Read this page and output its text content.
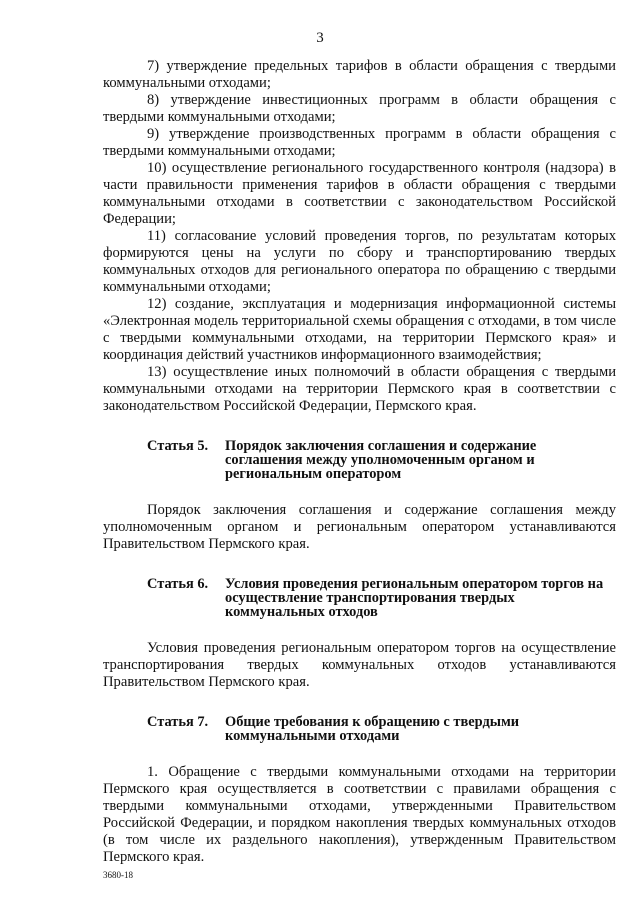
3

7) утверждение предельных тарифов в области обращения с твердыми коммунальными отходами;

8) утверждение инвестиционных программ в области обращения с твердыми коммунальными отходами;

9) утверждение производственных программ в области обращения с твердыми коммунальными отходами;

10) осуществление регионального государственного контроля (надзора) в части правильности применения тарифов в области обращения с твердыми коммунальными отходами в соответствии с законодательством Российской Федерации;

11) согласование условий проведения торгов, по результатам которых формируются цены на услуги по сбору и транспортированию твердых коммунальных отходов для регионального оператора по обращению с твердыми коммунальными отходами;

12) создание, эксплуатация и модернизация информационной системы «Электронная модель территориальной схемы обращения с отходами, в том числе с твердыми коммунальными отходами, на территории Пермского края» и координация действий участников информационного взаимодействия;

13) осуществление иных полномочий в области обращения с твердыми коммунальными отходами на территории Пермского края в соответствии с законодательством Российской Федерации, Пермского края.

Статья 5.	Порядок заключения соглашения и содержание соглашения между уполномоченным органом и региональным оператором

Порядок заключения соглашения и содержание соглашения между уполномоченным органом и региональным оператором устанавливаются Правительством Пермского края.

Статья 6.	Условия проведения региональным оператором торгов на осуществление транспортирования твердых коммунальных отходов

Условия проведения региональным оператором торгов на осуществление транспортирования твердых коммунальных отходов устанавливаются Правительством Пермского края.

Статья 7.	Общие требования к обращению с твердыми коммунальными отходами

1. Обращение с твердыми коммунальными отходами на территории Пермского края осуществляется в соответствии с правилами обращения с твердыми коммунальными отходами, утвержденными Правительством Российской Федерации, и порядком накопления твердых коммунальных отходов (в том числе их раздельного накопления), утвержденным Правительством Пермского края.

3680-18
